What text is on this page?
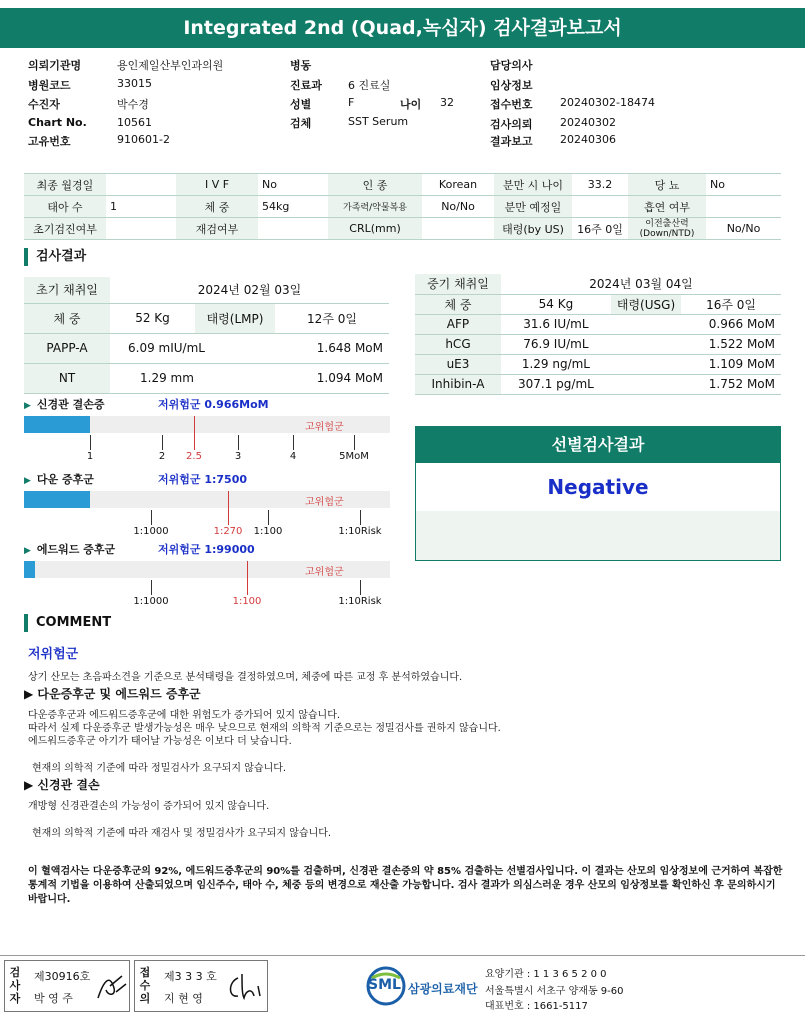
Integrated 2nd (Quad,녹십자) 검사결과보고서
의뢰기관명	용인제일산부인과의원
병원코드	33015
수진자	박수경
Chart No.	10561
고유번호	910601-2
병동
진료과 6 진료실
성별	F	나이 32
검체	SST Serum
담당의사
임상정보
접수번호 20240302-18474
검사의뢰 20240302
결과보고 20240306
최종 월경일		I V F	No	인 종	Korean	분만 시 나이	33.2	당 뇨	No
태아 수	1	체 중	54kg	가족력/약물복용	No/No	분만 예정일		흡연 여부	
초기검진여부		재검여부		CRL(mm)		태령(by US)	16주 0일	이전출산력 (Down/NTD)	No/No
검사결과
초기 채취일	2024년 02월 03일		
체 중	52 Kg	태령(LMP)	12주 0일
PAPP-A	6.09 mIU/mL		1.648 MoM
NT	1.29 mm		1.094 MoM
중기 채취일	2024년 03월 04일		
체 중	54 Kg	태령(USG)	16주 0일
AFP	31.6 IU/mL	0.966 MoM	
hCG	76.9 IU/mL	1.522 MoM	
uE3	1.29 ng/mL	1.109 MoM	
Inhibin-A	307.1 pg/mL	1.752 MoM	
▶ 신경관 결손증	저위험군 0.966MoM
고위험군
1	2 2.5	3	4	5MoM
▶ 다운 증후군	저위험군 1:7500
고위험군
1:1000	1:270 1:100	1:10Risk
▶ 에드워드 증후군	저위험군 1:99000
고위험군
1:1000	1:100	1:10Risk
선별검사결과
Negative
COMMENT
저위험군
상기 산모는 초음파소견을 기준으로 분석태령을 결정하였으며, 체중에 따른 교정 후 분석하였습니다.
▶ 다운증후군 및 에드워드 증후군
다운증후군과 에드워드증후군에 대한 위험도가 증가되어 있지 않습니다.
따라서 실제 다운증후군 발생가능성은 매우 낮으므로 현재의 의학적 기준으로는 정밀검사를 권하지 않습니다.
에드워드증후군 아기가 태어날 가능성은 이보다 더 낮습니다.
현재의 의학적 기준에 따라 정밀검사가 요구되지 않습니다.
▶ 신경관 결손
개방형 신경관결손의 가능성이 증가되어 있지 않습니다.
현재의 의학적 기준에 따라 재검사 및 정밀검사가 요구되지 않습니다.
이 혈액검사는 다운증후군의 92%, 에드워드증후군의 90%를 검출하며, 신경관 결손증의 약 85% 검출하는 선별검사입니다. 이 결과는 산모의 임상정보에 근거하여 복잡한 통계적 기법을 이용하여 산출되었으며 임신주수, 태아 수, 체중 등의 변경으로 재산출 가능합니다. 검사 결과가 의심스러운 경우 산모의 임상정보를 확인하신 후 문의하시기 바랍니다.
검사자
제30916호
박 영 주
접수의
제3 3 3 호
지 현 영
SML 삼광의료재단
요양기관 : 1 1 3 6 5 2 0 0
서울특별시 서초구 양재동 9-60
대표번호 : 1661-5117
